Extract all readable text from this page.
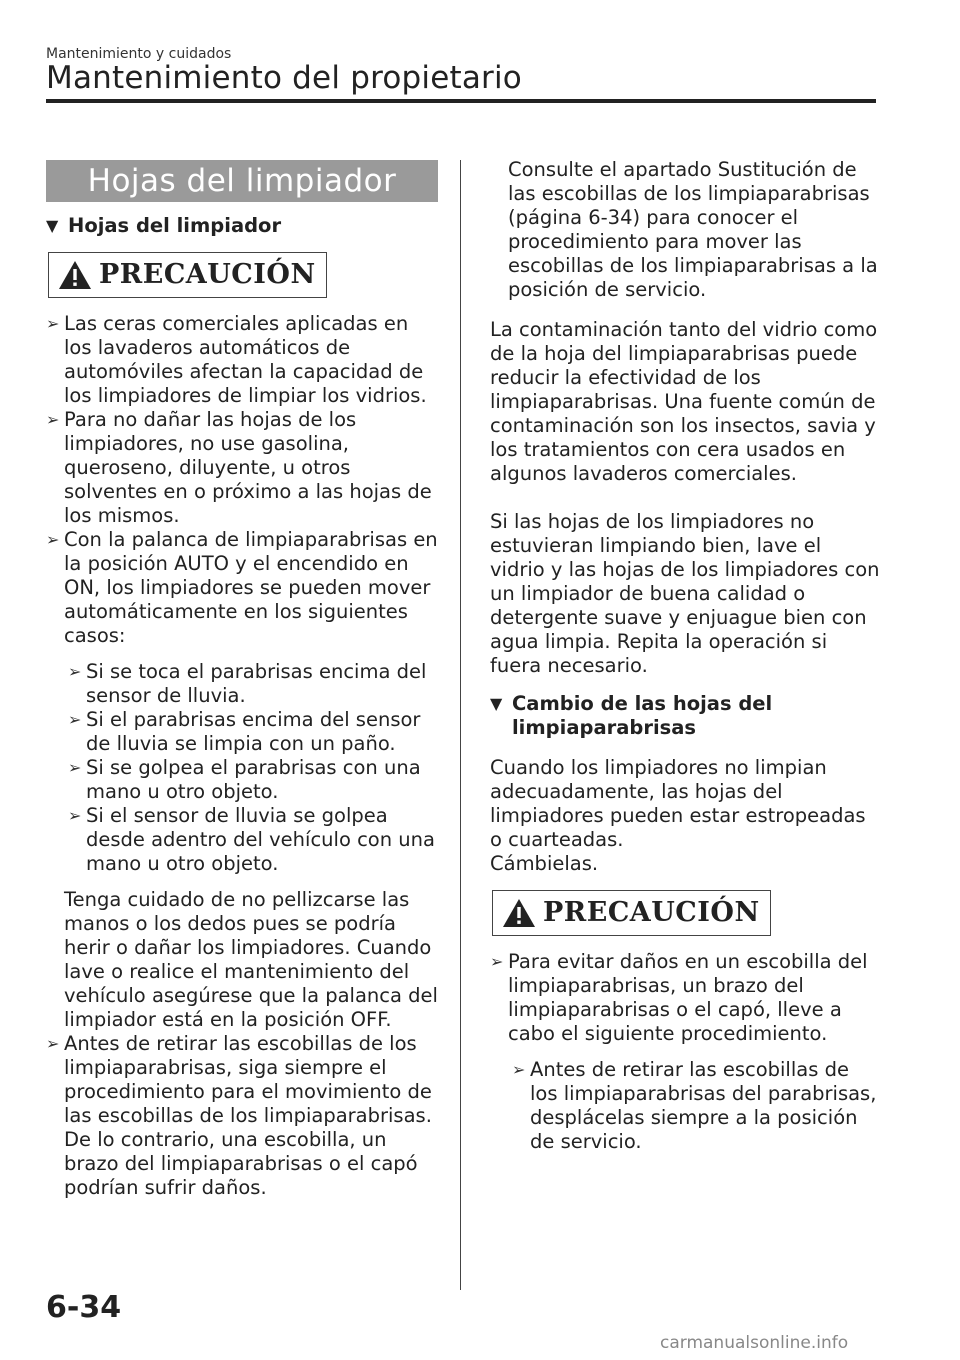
Mantenimiento y cuidados
Mantenimiento del propietario
Hojas del limpiador
▼ Hojas del limpiador
PRECAUCIÓN
➢ Las ceras comerciales aplicadas en los lavaderos automáticos de automóviles afectan la capacidad de los limpiadores de limpiar los vidrios.
➢ Para no dañar las hojas de los limpiadores, no use gasolina, queroseno, diluyente, u otros solventes en o próximo a las hojas de los mismos.
➢ Con la palanca de limpiaparabrisas en la posición AUTO y el encendido en ON, los limpiadores se pueden mover automáticamente en los siguientes casos:
➢ Si se toca el parabrisas encima del sensor de lluvia.
➢ Si el parabrisas encima del sensor de lluvia se limpia con un paño.
➢ Si se golpea el parabrisas con una mano u otro objeto.
➢ Si el sensor de lluvia se golpea desde adentro del vehículo con una mano u otro objeto.

Tenga cuidado de no pellizcarse las manos o los dedos pues se podría herir o dañar los limpiadores. Cuando lave o realice el mantenimiento del vehículo asegúrese que la palanca del limpiador está en la posición OFF.

➢ Antes de retirar las escobillas de los limpiaparabrisas, siga siempre el procedimiento para el movimiento de las escobillas de los limpiaparabrisas. De lo contrario, una escobilla, un brazo del limpiaparabrisas o el capó podrían sufrir daños.

Consulte el apartado Sustitución de las escobillas de los limpiaparabrisas (página 6-34) para conocer el procedimiento para mover las escobillas de los limpiaparabrisas a la posición de servicio.

La contaminación tanto del vidrio como de la hoja del limpiaparabrisas puede reducir la efectividad de los limpiaparabrisas. Una fuente común de contaminación son los insectos, savia y los tratamientos con cera usados en algunos lavaderos comerciales.

Si las hojas de los limpiadores no estuvieran limpiando bien, lave el vidrio y las hojas de los limpiadores con un limpiador de buena calidad o detergente suave y enjuague bien con agua limpia. Repita la operación si fuera necesario.

▼ Cambio de las hojas del limpiaparabrisas

Cuando los limpiadores no limpian adecuadamente, las hojas del limpiadores pueden estar estropeadas o cuarteadas.

Cámbielas.

PRECAUCIÓN
➢ Para evitar daños en un escobilla del limpiaparabrisas, un brazo del limpiaparabrisas o el capó, lleve a cabo el siguiente procedimiento.
➢ Antes de retirar las escobillas de los limpiaparabrisas del parabrisas, desplácelas siempre a la posición de servicio.
6-34
carmanualsonline.info
